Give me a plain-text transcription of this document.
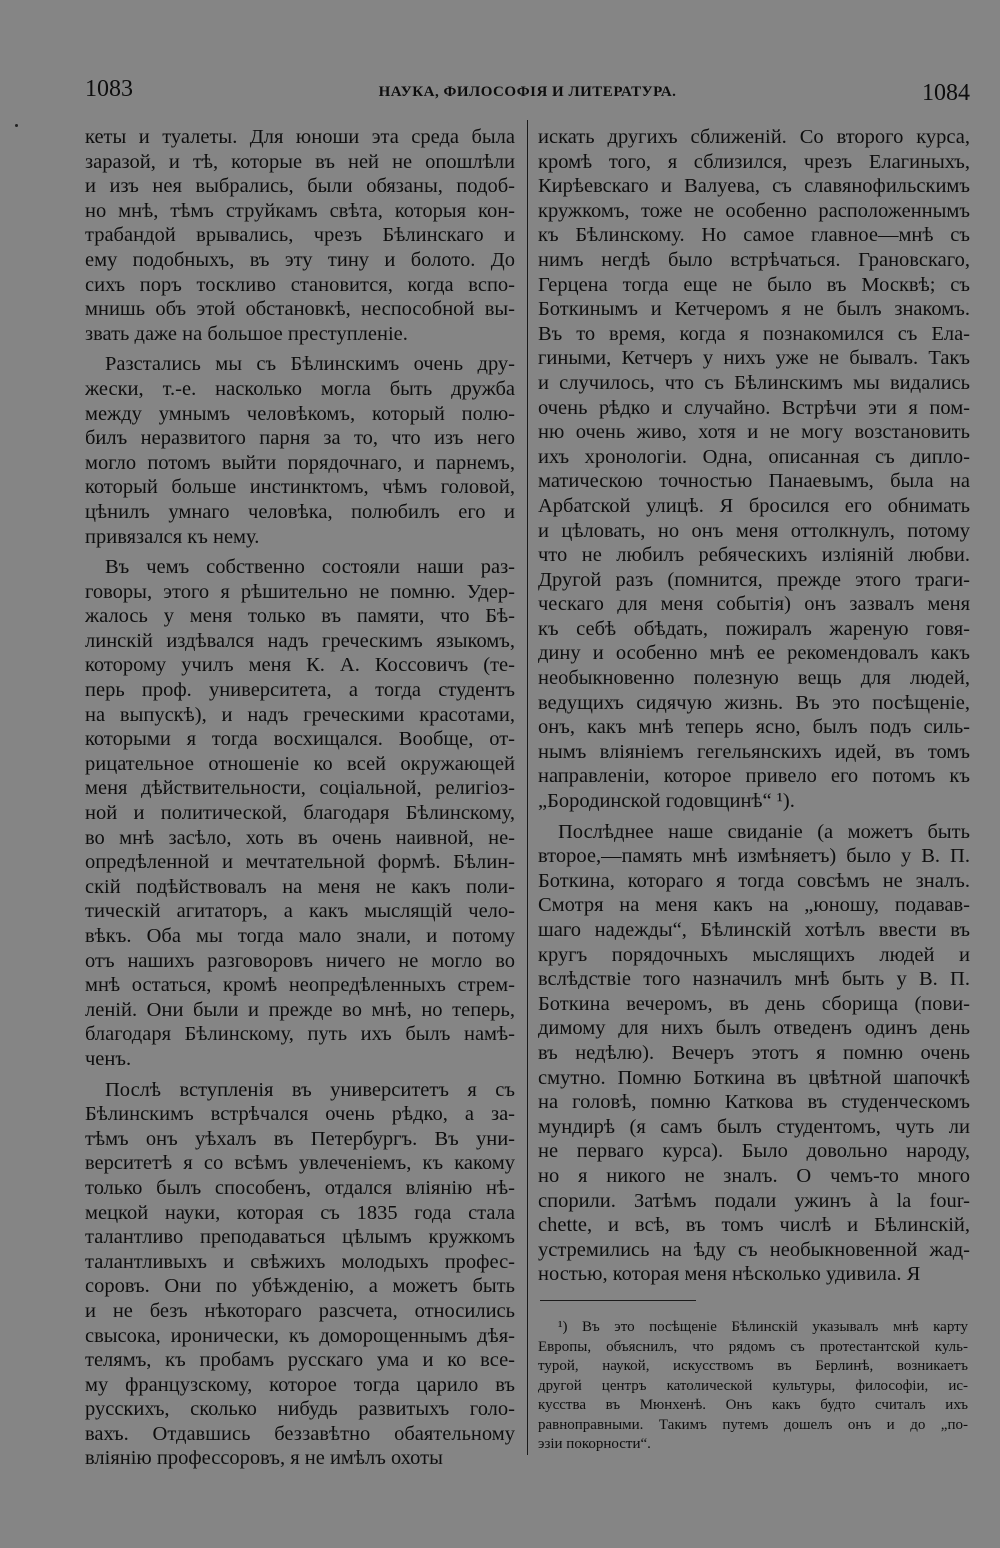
1083	НАУКА, ФИЛОСОФІЯ И ЛИТЕРАТУРА.	1084
кеты и туалеты. Для юноши эта среда была
заразой, и тѣ, которые въ ней не опошлѣли
и изъ нея выбрались, были обязаны, подоб-
но мнѣ, тѣмъ струйкамъ свѣта, которыя кон-
трабандой врывались, чрезъ Бѣлинскаго и
ему подобныхъ, въ эту тину и болото. До
сихъ поръ тоскливо становится, когда вспо-
мнишь объ этой обстановкѣ, неспособной вы-
звать даже на большое преступленіе.
Разстались мы съ Бѣлинскимъ очень дру-
жески, т.-е. насколько могла быть дружба
между умнымъ человѣкомъ, который полю-
билъ неразвитого парня за то, что изъ него
могло потомъ выйти порядочнаго, и парнемъ,
который больше инстинктомъ, чѣмъ головой,
цѣнилъ умнаго человѣка, полюбилъ его и
привязался къ нему.
Въ чемъ собственно состояли наши раз-
говоры, этого я рѣшительно не помню. Удер-
жалось у меня только въ памяти, что Бѣ-
линскій издѣвался надъ греческимъ языкомъ,
которому училъ меня К. А. Коссовичъ (те-
перь проф. университета, а тогда студентъ
на выпускѣ), и надъ греческими красотами,
которыми я тогда восхищался. Вообще, от-
рицательное отношеніе ко всей окружающей
меня дѣйствительности, соціальной, религіоз-
ной и политической, благодаря Бѣлинскому,
во мнѣ засѣло, хоть въ очень наивной, не-
опредѣленной и мечтательной формѣ. Бѣлин-
скій подѣйствовалъ на меня не какъ поли-
тическій агитаторъ, а какъ мыслящій чело-
вѣкъ. Оба мы тогда мало знали, и потому
отъ нашихъ разговоровъ ничего не могло во
мнѣ остаться, кромѣ неопредѣленныхъ стрем-
леній. Они были и прежде во мнѣ, но теперь,
благодаря Бѣлинскому, путь ихъ былъ намѣ-
ченъ.
Послѣ вступленія въ университетъ я съ
Бѣлинскимъ встрѣчался очень рѣдко, а за-
тѣмъ онъ уѣхалъ въ Петербургъ. Въ уни-
верситетѣ я со всѣмъ увлеченіемъ, къ какому
только былъ способенъ, отдался вліянію нѣ-
мецкой науки, которая съ 1835 года стала
талантливо преподаваться цѣлымъ кружкомъ
талантливыхъ и свѣжихъ молодыхъ профес-
соровъ. Они по убѣжденію, а можетъ быть
и не безъ нѣкотораго разсчета, относились
свысока, иронически, къ доморощеннымъ дѣя-
телямъ, къ пробамъ русскаго ума и ко все-
му французскому, которое тогда царило въ
русскихъ, сколько нибудь развитыхъ голо-
вахъ. Отдавшись беззавѣтно обаятельному
вліянію профессоровъ, я не имѣлъ охоты
искать другихъ сближеній. Со второго курса,
кромѣ того, я сблизился, чрезъ Елагиныхъ,
Кирѣевскаго и Валуева, съ славянофильскимъ
кружкомъ, тоже не особенно расположеннымъ
къ Бѣлинскому. Но самое главное—мнѣ съ
нимъ негдѣ было встрѣчаться. Грановскаго,
Герцена тогда еще не было въ Москвѣ; съ
Боткинымъ и Кетчеромъ я не былъ знакомъ.
Въ то время, когда я познакомился съ Ела-
гиными, Кетчеръ у нихъ уже не бывалъ. Такъ
и случилось, что съ Бѣлинскимъ мы видались
очень рѣдко и случайно. Встрѣчи эти я пом-
ню очень живо, хотя и не могу возстановить
ихъ хронологіи. Одна, описанная съ дипло-
матическою точностью Панаевымъ, была на
Арбатской улицѣ. Я бросился его обнимать
и цѣловать, но онъ меня оттолкнулъ, потому
что не любилъ ребяческихъ изліяній любви.
Другой разъ (помнится, прежде этого траги-
ческаго для меня событія) онъ зазвалъ меня
къ себѣ обѣдать, пожиралъ жареную говя-
дину и особенно мнѣ ее рекомендовалъ какъ
необыкновенно полезную вещь для людей,
ведущихъ сидячую жизнь. Въ это посѣщеніе,
онъ, какъ мнѣ теперь ясно, былъ подъ силь-
нымъ вліяніемъ гегельянскихъ идей, въ томъ
направленіи, которое привело его потомъ къ
„Бородинской годовщинѣ“ ¹).
Послѣднее наше свиданіе (а можетъ быть
второе,—память мнѣ измѣняетъ) было у В. П.
Боткина, котораго я тогда совсѣмъ не зналъ.
Смотря на меня какъ на „юношу, подавав-
шаго надежды“, Бѣлинскій хотѣлъ ввести въ
кругъ порядочныхъ мыслящихъ людей и
вслѣдствіе того назначилъ мнѣ быть у В. П.
Боткина вечеромъ, въ день сборища (пови-
димому для нихъ былъ отведенъ одинъ день
въ недѣлю). Вечеръ этотъ я помню очень
смутно. Помню Боткина въ цвѣтной шапочкѣ
на головѣ, помню Каткова въ студенческомъ
мундирѣ (я самъ былъ студентомъ, чуть ли
не перваго курса). Было довольно народу,
но я никого не зналъ. О чемъ-то много
спорили. Затѣмъ подали ужинъ à la four-
chette, и всѣ, въ томъ числѣ и Бѣлинскій,
устремились на ѣду съ необыкновенной жад-
ностью, которая меня нѣсколько удивила. Я
¹) Въ это посѣщеніе Бѣлинскій указывалъ мнѣ карту
Европы, объяснилъ, что рядомъ съ протестантской куль-
турой, наукой, искусствомъ въ Берлинѣ, возникаетъ
другой центръ католической культуры, философіи, ис-
кусства въ Мюнхенѣ. Онъ какъ будто считалъ ихъ
равноправными. Такимъ путемъ дошелъ онъ и до „по-
эзіи покорности“.
